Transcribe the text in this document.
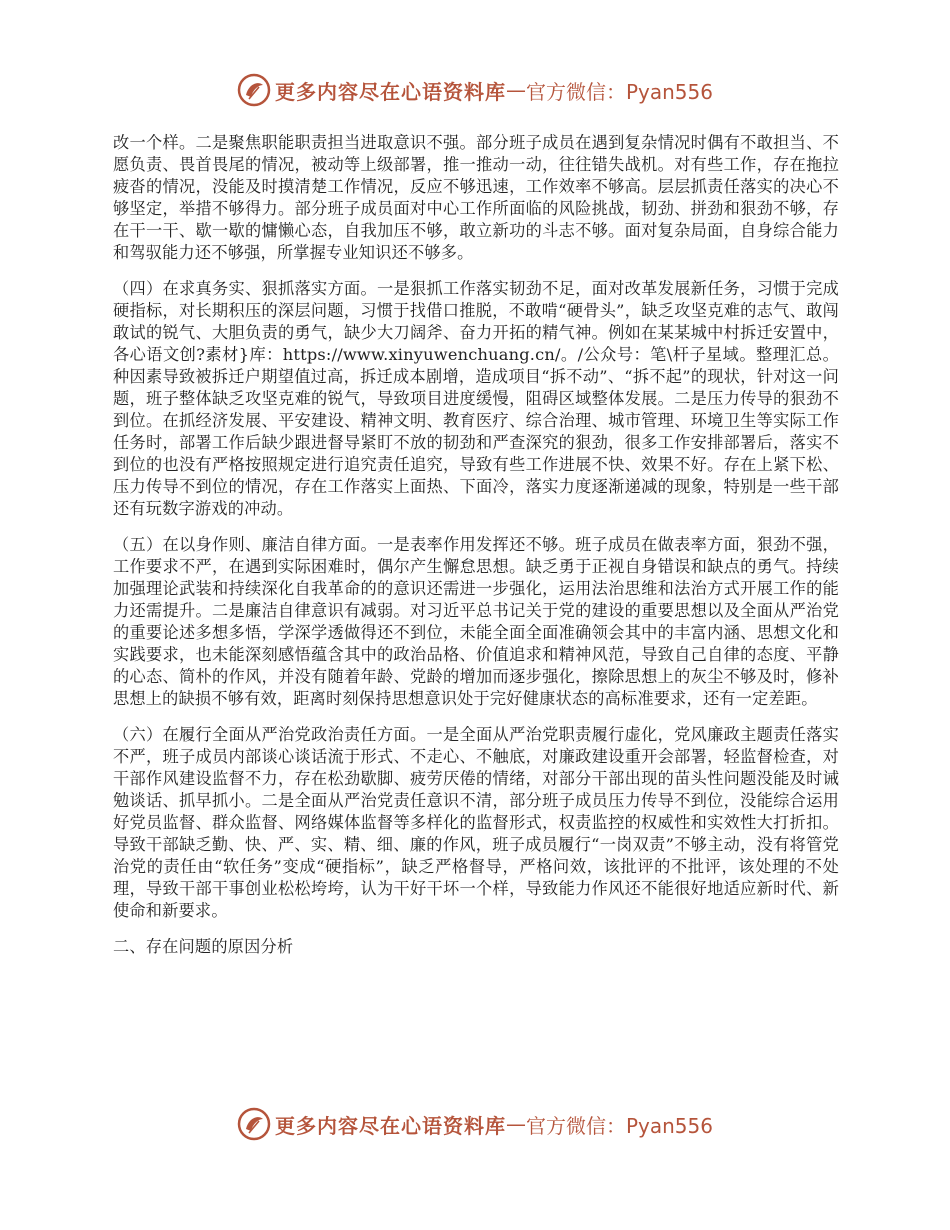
更多内容尽在心语资料库 — 官方微信：Pyan556

改一个样。二是聚焦职能职责担当进取意识不强。部分班子成员在遇到复杂情况时偶有不敢担当、不愿负责、畏首畏尾的情况，被动等上级部署，推一推动一动，往往错失战机。对有些工作，存在拖拉疲沓的情况，没能及时摸清楚工作情况，反应不够迅速，工作效率不够高。层层抓责任落实的决心不够坚定，举措不够得力。部分班子成员面对中心工作所面临的风险挑战，韧劲、拼劲和狠劲不够，存在干一干、歇一歇的慵懒心态，自我加压不够，敢立新功的斗志不够。面对复杂局面，自身综合能力和驾驭能力还不够强，所掌握专业知识还不够多。

（四）在求真务实、狠抓落实方面。一是狠抓工作落实韧劲不足，面对改革发展新任务，习惯于完成硬指标，对长期积压的深层问题，习惯于找借口推脱，不敢啃“硬骨头”，缺乏攻坚克难的志气、敢闯敢试的锐气、大胆负责的勇气，缺少大刀阔斧、奋力开拓的精气神。例如在某某城中村拆迁安置中，各心语文创?素材}库：https://www.xinyuwenchuang.cn/。/公众号：笔\杆子星域。整理汇总。种因素导致被拆迁户期望值过高，拆迁成本剧增，造成项目“拆不动”、“拆不起”的现状，针对这一问题，班子整体缺乏攻坚克难的锐气，导致项目进度缓慢，阻碍区域整体发展。二是压力传导的狠劲不到位。在抓经济发展、平安建设、精神文明、教育医疗、综合治理、城市管理、环境卫生等实际工作任务时，部署工作后缺少跟进督导紧盯不放的韧劲和严查深究的狠劲，很多工作安排部署后，落实不到位的也没有严格按照规定进行追究责任追究，导致有些工作进展不快、效果不好。存在上紧下松、压力传导不到位的情况，存在工作落实上面热、下面冷，落实力度逐渐递减的现象，特别是一些干部还有玩数字游戏的冲动。

（五）在以身作则、廉洁自律方面。一是表率作用发挥还不够。班子成员在做表率方面，狠劲不强，工作要求不严，在遇到实际困难时，偶尔产生懈怠思想。缺乏勇于正视自身错误和缺点的勇气。持续加强理论武装和持续深化自我革命的的意识还需进一步强化，运用法治思维和法治方式开展工作的能力还需提升。二是廉洁自律意识有减弱。对习近平总书记关于党的建设的重要思想以及全面从严治党的重要论述多想多悟，学深学透做得还不到位，未能全面全面准确领会其中的丰富内涵、思想文化和实践要求，也未能深刻感悟蕴含其中的政治品格、价值追求和精神风范，导致自己自律的态度、平静的心态、简朴的作风，并没有随着年龄、党龄的增加而逐步强化，擦除思想上的灰尘不够及时，修补思想上的缺损不够有效，距离时刻保持思想意识处于完好健康状态的高标准要求，还有一定差距。

（六）在履行全面从严治党政治责任方面。一是全面从严治党职责履行虚化，党风廉政主题责任落实不严，班子成员内部谈心谈话流于形式、不走心、不触底，对廉政建设重开会部署，轻监督检查，对干部作风建设监督不力，存在松劲歇脚、疲劳厌倦的情绪，对部分干部出现的苗头性问题没能及时诫勉谈话、抓早抓小。二是全面从严治党责任意识不清，部分班子成员压力传导不到位，没能综合运用好党员监督、群众监督、网络媒体监督等多样化的监督形式，权责监控的权威性和实效性大打折扣。导致干部缺乏勤、快、严、实、精、细、廉的作风，班子成员履行“一岗双责”不够主动，没有将管党治党的责任由“软任务”变成“硬指标”，缺乏严格督导，严格问效，该批评的不批评，该处理的不处理，导致干部干事创业松松垮垮，认为干好干坏一个样，导致能力作风还不能很好地适应新时代、新使命和新要求。

二、存在问题的原因分析

更多内容尽在心语资料库 — 官方微信：Pyan556
